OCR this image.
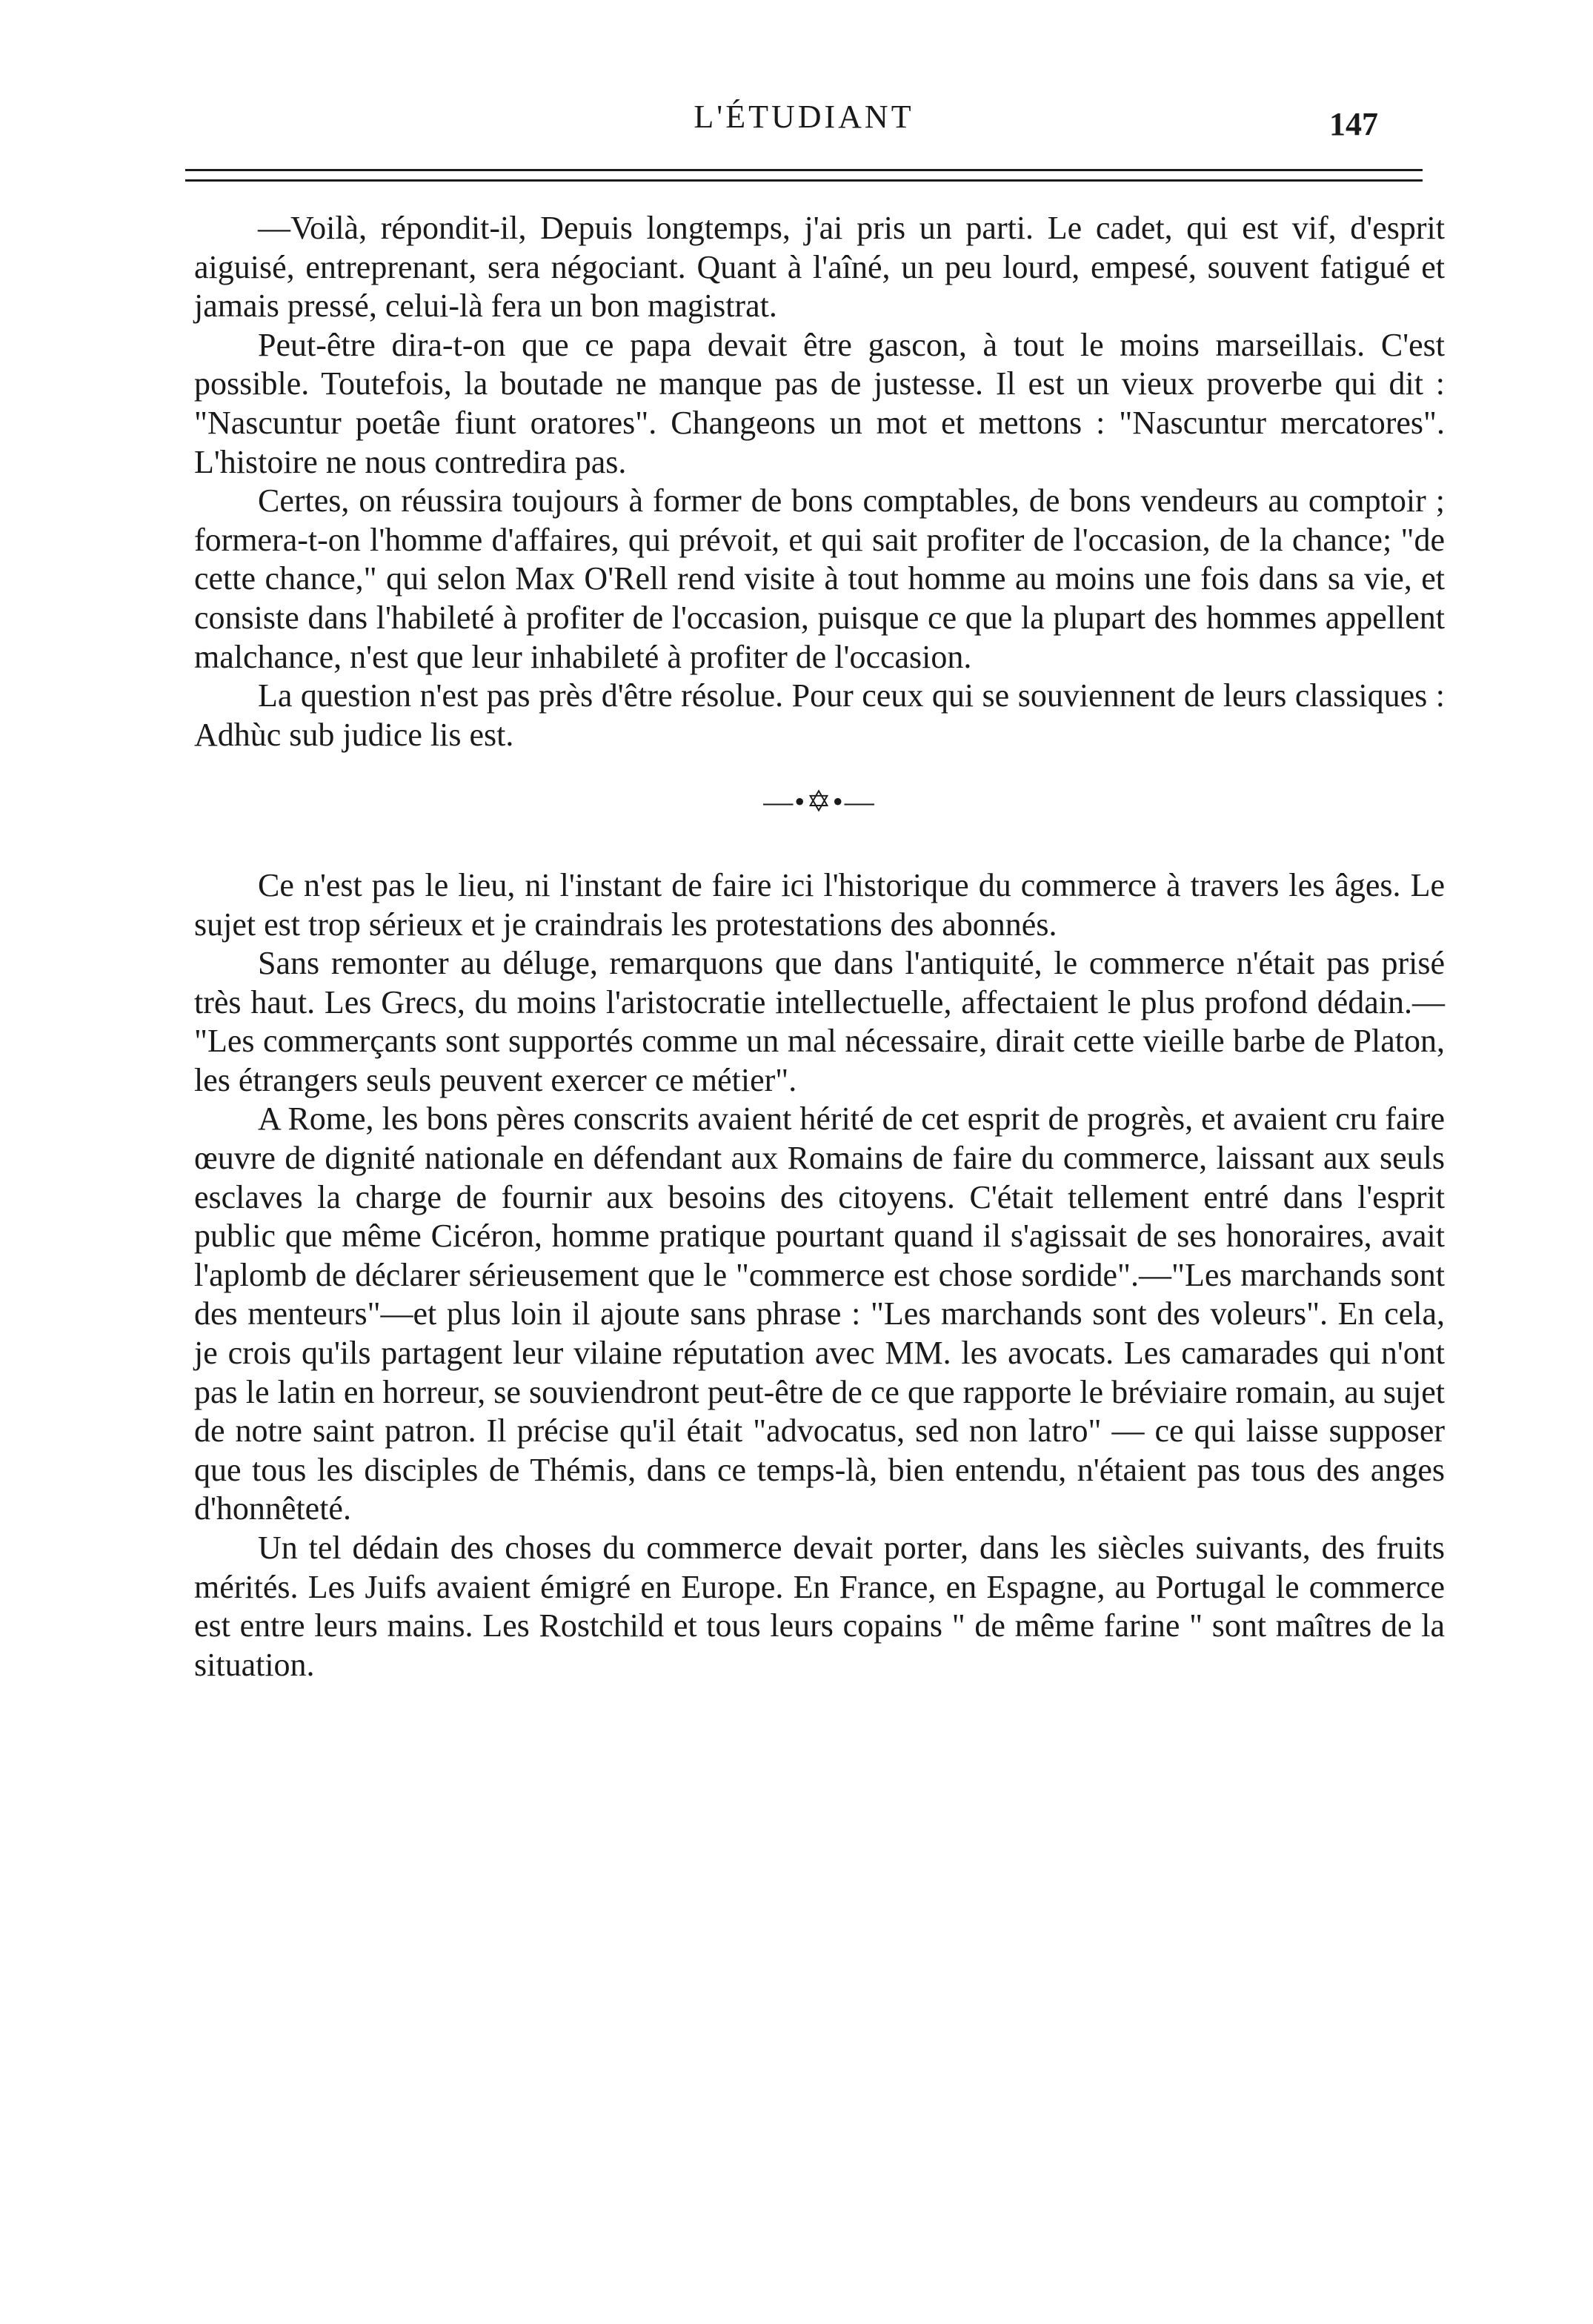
L'ÉTUDIANT	147

—Voilà, répondit-il, Depuis longtemps, j'ai pris un parti. Le cadet, qui est vif, d'esprit aiguisé, entreprenant, sera négociant. Quant à l'aîné, un peu lourd, empesé, souvent fatigué et jamais pressé, celui-là fera un bon magistrat.

Peut-être dira-t-on que ce papa devait être gascon, à tout le moins marseillais. C'est possible. Toutefois, la boutade ne manque pas de justesse. Il est un vieux proverbe qui dit : "Nascuntur poetâe fiunt oratores". Changeons un mot et mettons : "Nascuntur mercatores". L'histoire ne nous contredira pas.

Certes, on réussira toujours à former de bons comptables, de bons vendeurs au comptoir ; formera-t-on l'homme d'affaires, qui prévoit, et qui sait profiter de l'occasion, de la chance; "de cette chance," qui selon Max O'Rell rend visite à tout homme au moins une fois dans sa vie, et consiste dans l'habileté à profiter de l'occasion, puisque ce que la plupart des hommes appellent malchance, n'est que leur inhabileté à profiter de l'occasion.

La question n'est pas près d'être résolue. Pour ceux qui se souviennent de leurs classiques : Adhùc sub judice lis est.

—•✡•—

Ce n'est pas le lieu, ni l'instant de faire ici l'historique du commerce à travers les âges. Le sujet est trop sérieux et je craindrais les protestations des abonnés.

Sans remonter au déluge, remarquons que dans l'antiquité, le commerce n'était pas prisé très haut. Les Grecs, du moins l'aristocratie intellectuelle, affectaient le plus profond dédain.— "Les commerçants sont supportés comme un mal nécessaire, dirait cette vieille barbe de Platon, les étrangers seuls peuvent exercer ce métier".

A Rome, les bons pères conscrits avaient hérité de cet esprit de progrès, et avaient cru faire œuvre de dignité nationale en défendant aux Romains de faire du commerce, laissant aux seuls esclaves la charge de fournir aux besoins des citoyens. C'était tellement entré dans l'esprit public que même Cicéron, homme pratique pourtant quand il s'agissait de ses honoraires, avait l'aplomb de déclarer sérieusement que le "commerce est chose sordide".—"Les marchands sont des menteurs"—et plus loin il ajoute sans phrase : "Les marchands sont des voleurs". En cela, je crois qu'ils partagent leur vilaine réputation avec MM. les avocats. Les camarades qui n'ont pas le latin en horreur, se souviendront peut-être de ce que rapporte le bréviaire romain, au sujet de notre saint patron. Il précise qu'il était "advocatus, sed non latro" — ce qui laisse supposer que tous les disciples de Thémis, dans ce temps-là, bien entendu, n'étaient pas tous des anges d'honnêteté.

Un tel dédain des choses du commerce devait porter, dans les siècles suivants, des fruits mérités. Les Juifs avaient émigré en Europe. En France, en Espagne, au Portugal le commerce est entre leurs mains. Les Rostchild et tous leurs copains " de même farine " sont maîtres de la situation.
